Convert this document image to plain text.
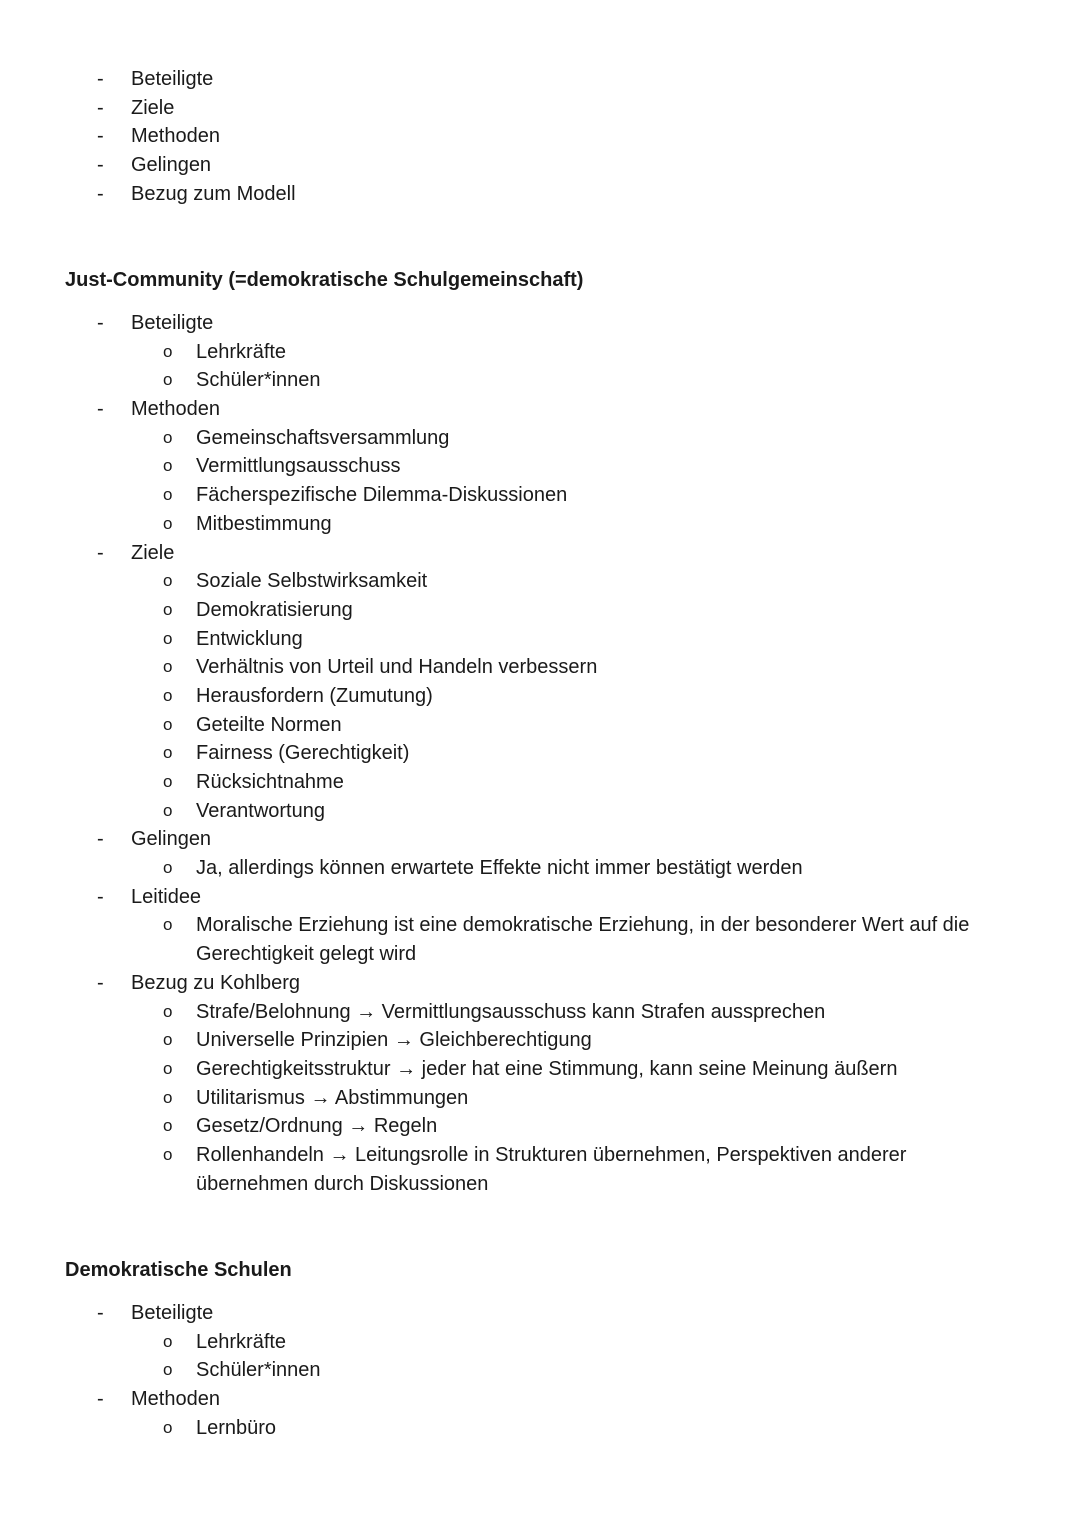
- Beteiligte
- Ziele
- Methoden
- Gelingen
- Bezug zum Modell
Just-Community (=demokratische Schulgemeinschaft)
- Beteiligte
o Lehrkräfte
o Schüler*innen
- Methoden
o Gemeinschaftsversammlung
o Vermittlungsausschuss
o Fächerspezifische Dilemma-Diskussionen
o Mitbestimmung
- Ziele
o Soziale Selbstwirksamkeit
o Demokratisierung
o Entwicklung
o Verhältnis von Urteil und Handeln verbessern
o Herausfordern (Zumutung)
o Geteilte Normen
o Fairness (Gerechtigkeit)
o Rücksichtnahme
o Verantwortung
- Gelingen
o Ja, allerdings können erwartete Effekte nicht immer bestätigt werden
- Leitidee
o Moralische Erziehung ist eine demokratische Erziehung, in der besonderer Wert auf die
Gerechtigkeit gelegt wird
- Bezug zu Kohlberg
o Strafe/Belohnung → Vermittlungsausschuss kann Strafen aussprechen
o Universelle Prinzipien → Gleichberechtigung
o Gerechtigkeitsstruktur → jeder hat eine Stimmung, kann seine Meinung äußern
o Utilitarismus → Abstimmungen
o Gesetz/Ordnung → Regeln
o Rollenhandeln → Leitungsrolle in Strukturen übernehmen, Perspektiven anderer
übernehmen durch Diskussionen
Demokratische Schulen
- Beteiligte
o Lehrkräfte
o Schüler*innen
- Methoden
o Lernbüro
